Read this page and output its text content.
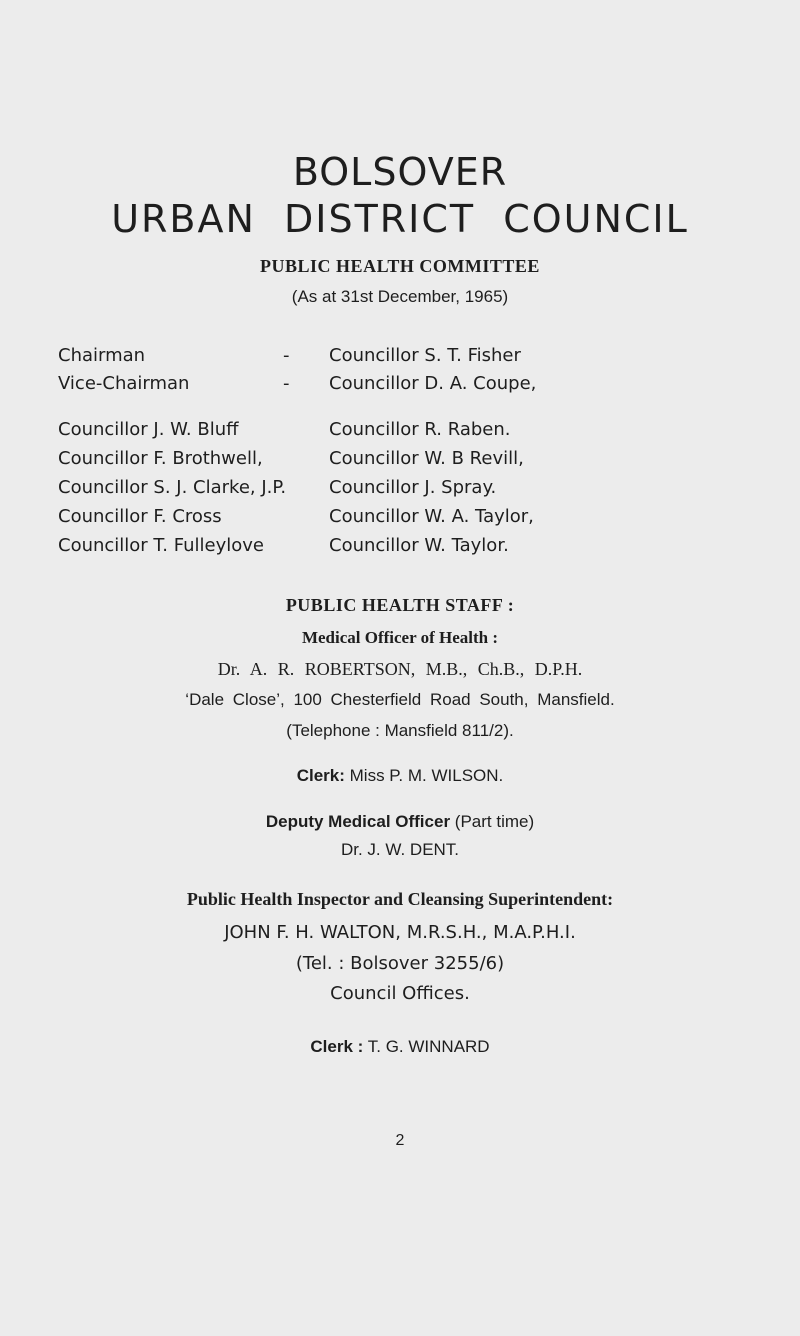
BOLSOVER
URBAN DISTRICT COUNCIL
PUBLIC HEALTH COMMITTEE
(As at 31st December, 1965)
Chairman	- Councillor S. T. Fisher
Vice-Chairman	- Councillor D. A. Coupe,
Councillor J. W. Bluff	Councillor R. Raben.
Councillor F. Brothwell,	Councillor W. B Revill,
Councillor S. J. Clarke, J.P. Councillor J. Spray.
Councillor F. Cross	Councillor W. A. Taylor,
Councillor T. Fulleylove	Councillor W. Taylor.
PUBLIC HEALTH STAFF :
Medical Officer of Health :
Dr. A. R. ROBERTSON, M.B., Ch.B., D.P.H.
‘Dale Close’, 100 Chesterfield Road South, Mansfield.
(Telephone : Mansfield 811/2).
Clerk: Miss P. M. WILSON.
Deputy Medical Officer (Part time)
Dr. J. W. DENT.
Public Health Inspector and Cleansing Superintendent:
JOHN F. H. WALTON, M.R.S.H., M.A.P.H.I.
(Tel. : Bolsover 3255/6)
Council Offices.
Clerk : T. G. WINNARD
2
